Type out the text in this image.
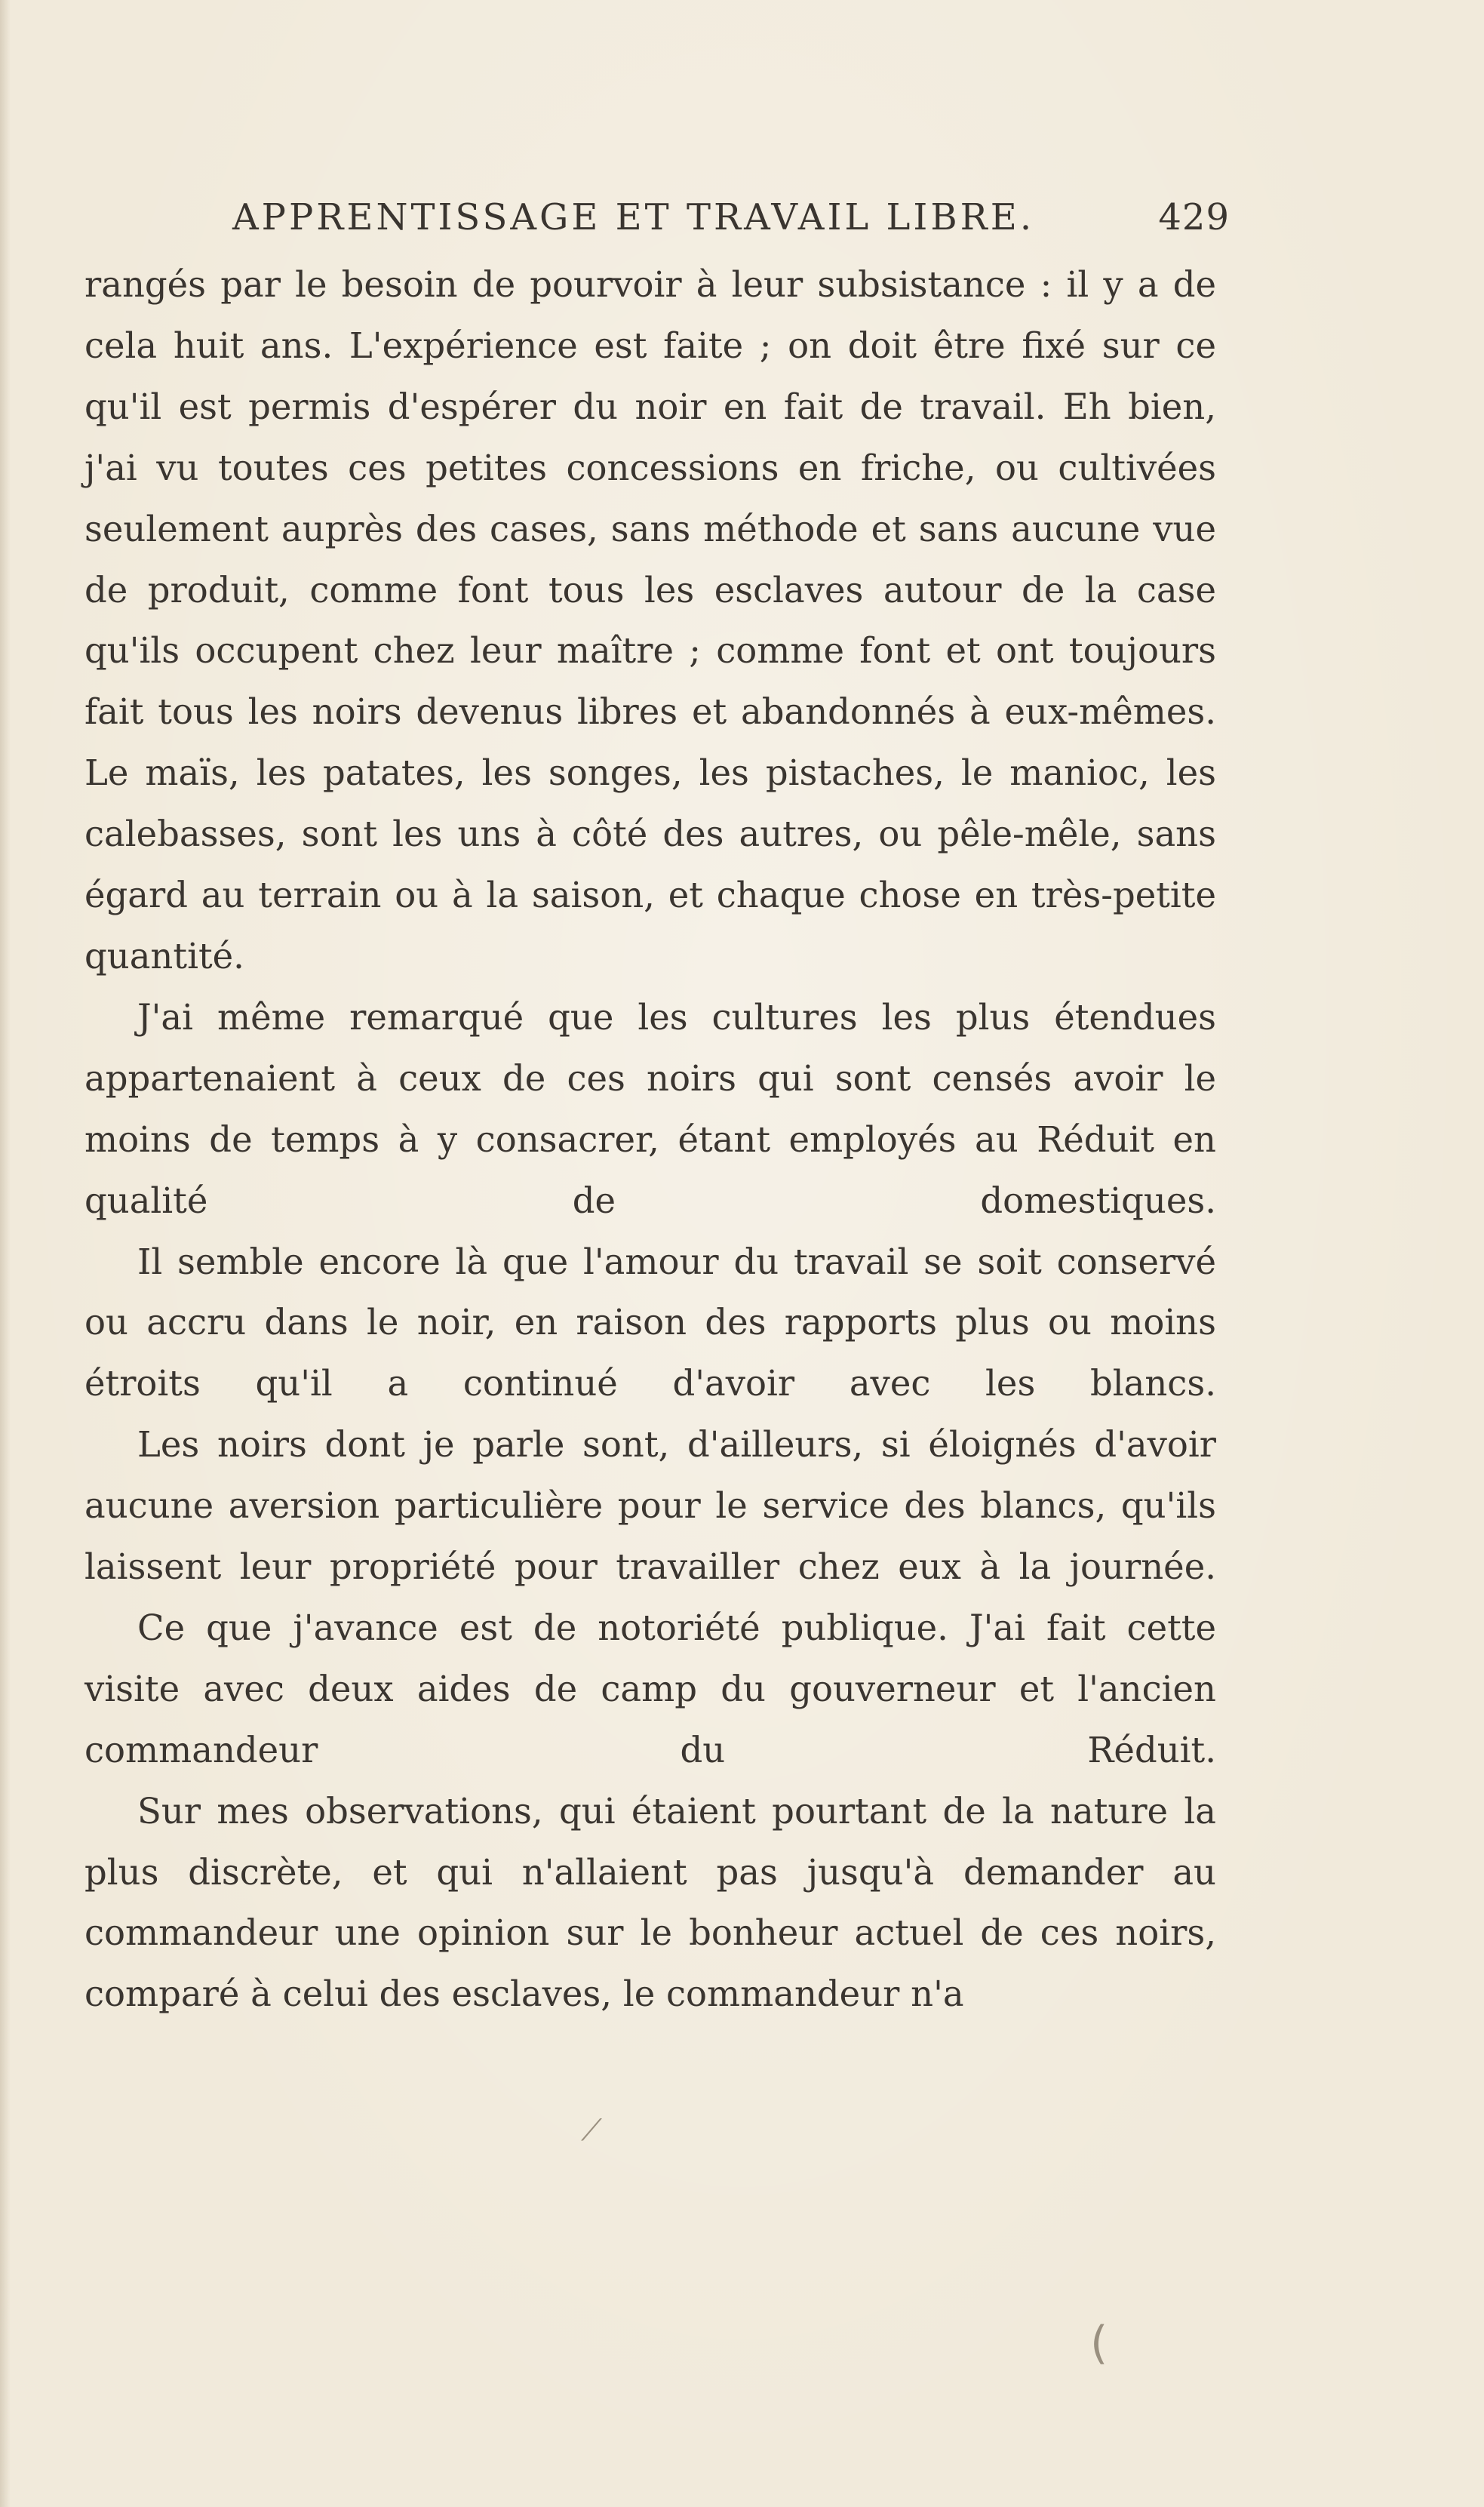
APPRENTISSAGE ET TRAVAIL LIBRE.	429

rangés par le besoin de pourvoir à leur subsistance : il y a de cela huit ans. L'expérience est faite ; on doit être fixé sur ce qu'il est permis d'espérer du noir en fait de travail. Eh bien, j'ai vu toutes ces petites concessions en friche, ou cultivées seulement auprès des cases, sans méthode et sans aucune vue de produit, comme font tous les esclaves autour de la case qu'ils occupent chez leur maître ; comme font et ont toujours fait tous les noirs devenus libres et abandonnés à eux-mêmes. Le maïs, les patates, les songes, les pistaches, le manioc, les calebasses, sont les uns à côté des autres, ou pêle-mêle, sans égard au terrain ou à la saison, et chaque chose en très-petite quantité.

J'ai même remarqué que les cultures les plus étendues appartenaient à ceux de ces noirs qui sont censés avoir le moins de temps à y consacrer, étant employés au Réduit en qualité de domestiques.

Il semble encore là que l'amour du travail se soit conservé ou accru dans le noir, en raison des rapports plus ou moins étroits qu'il a continué d'avoir avec les blancs.

Les noirs dont je parle sont, d'ailleurs, si éloignés d'avoir aucune aversion particulière pour le service des blancs, qu'ils laissent leur propriété pour travailler chez eux à la journée.

Ce que j'avance est de notoriété publique. J'ai fait cette visite avec deux aides de camp du gouverneur et l'ancien commandeur du Réduit.

Sur mes observations, qui étaient pourtant de la nature la plus discrète, et qui n'allaient pas jusqu'à demander au commandeur une opinion sur le bonheur actuel de ces noirs, comparé à celui des esclaves, le commandeur n'a

⟋
(
